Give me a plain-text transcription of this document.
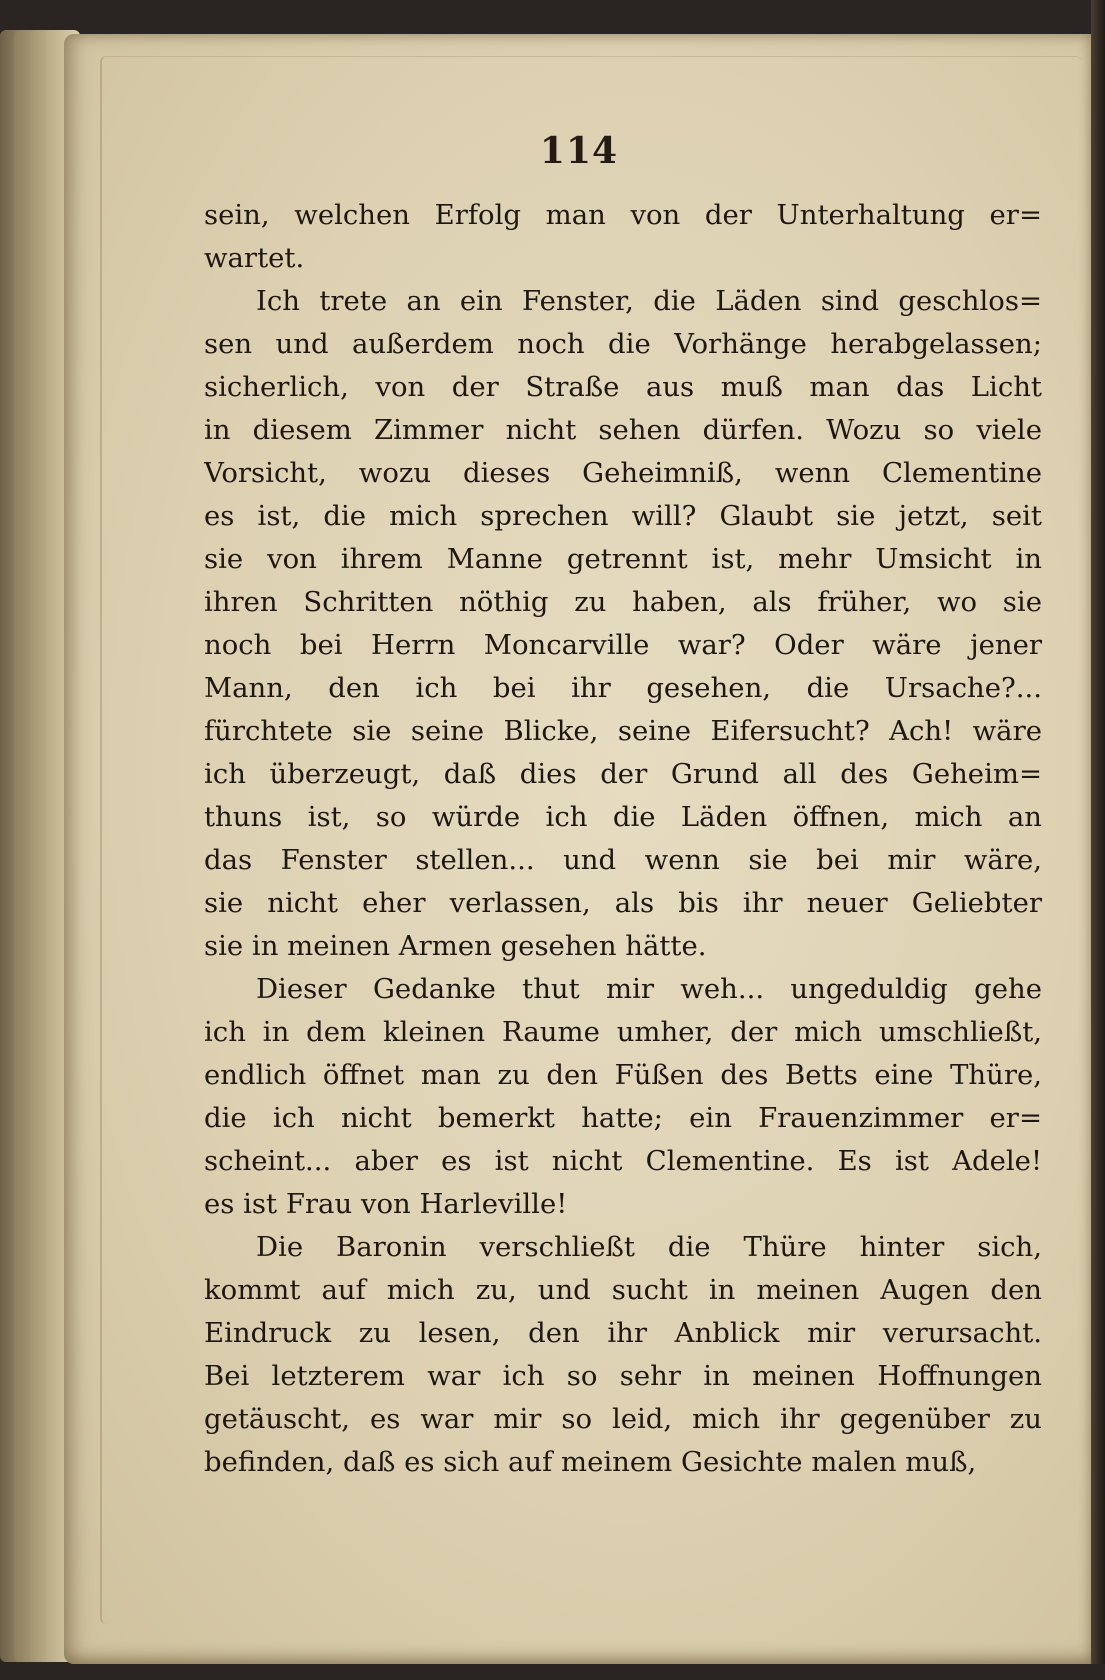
114
sein, welchen Erfolg man von der Unterhaltung er=
wartet.
Ich trete an ein Fenster, die Läden sind geschlos=
sen und außerdem noch die Vorhänge herabgelassen;
sicherlich, von der Straße aus muß man das Licht
in diesem Zimmer nicht sehen dürfen. Wozu so viele
Vorsicht, wozu dieses Geheimniß, wenn Clementine
es ist, die mich sprechen will? Glaubt sie jetzt, seit
sie von ihrem Manne getrennt ist, mehr Umsicht in
ihren Schritten nöthig zu haben, als früher, wo sie
noch bei Herrn Moncarville war? Oder wäre jener
Mann, den ich bei ihr gesehen, die Ursache?...
fürchtete sie seine Blicke, seine Eifersucht? Ach! wäre
ich überzeugt, daß dies der Grund all des Geheim=
thuns ist, so würde ich die Läden öffnen, mich an
das Fenster stellen... und wenn sie bei mir wäre,
sie nicht eher verlassen, als bis ihr neuer Geliebter
sie in meinen Armen gesehen hätte.
Dieser Gedanke thut mir weh... ungeduldig gehe
ich in dem kleinen Raume umher, der mich umschließt,
endlich öffnet man zu den Füßen des Betts eine Thüre,
die ich nicht bemerkt hatte; ein Frauenzimmer er=
scheint... aber es ist nicht Clementine. Es ist Adele!
es ist Frau von Harleville!
Die Baronin verschließt die Thüre hinter sich,
kommt auf mich zu, und sucht in meinen Augen den
Eindruck zu lesen, den ihr Anblick mir verursacht.
Bei letzterem war ich so sehr in meinen Hoffnungen
getäuscht, es war mir so leid, mich ihr gegenüber zu
befinden, daß es sich auf meinem Gesichte malen muß,
